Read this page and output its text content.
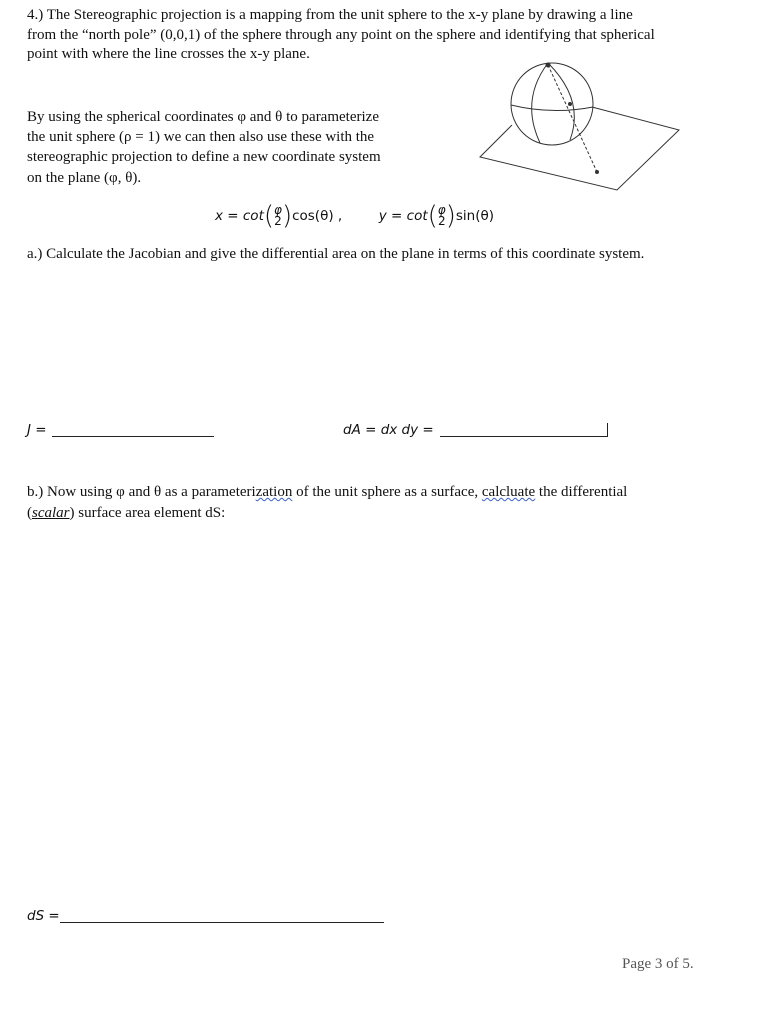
4.) The Stereographic projection is a mapping from the unit sphere to the x-y plane by drawing a line
from the “north pole” (0,0,1) of the sphere through any point on the sphere and identifying that spherical
point with where the line crosses the x-y plane.
By using the spherical coordinates φ and θ to parameterize
the unit sphere (ρ = 1) we can then also use these with the
stereographic projection to define a new coordinate system
on the plane (φ, θ).
x = cot(φ
2)cos(θ) ,	y = cot(φ
2)sin(θ)
a.) Calculate the Jacobian and give the differential area on the plane in terms of this coordinate system.
J =	dA = dx dy =
b.) Now using φ and θ as a parameterization of the unit sphere as a surface, calcluate the differential
(scalar) surface area element dS:
dS =
Page 3 of 5.
